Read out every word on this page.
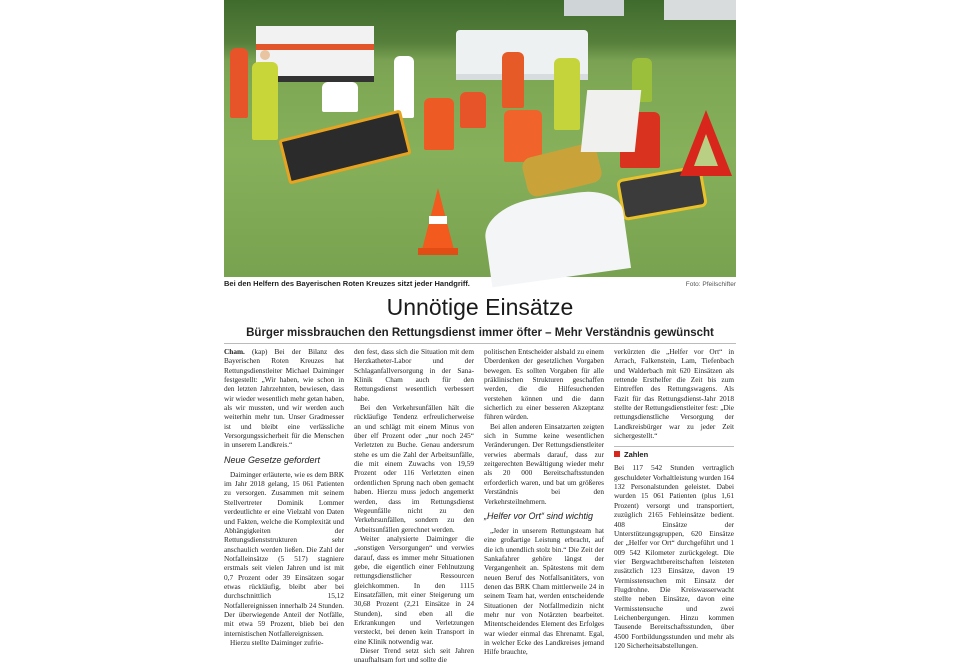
Bei den Helfern des Bayerischen Roten Kreuzes sitzt jeder Handgriff.	Foto: Pfeilschifter
Unnötige Einsätze
Bürger missbrauchen den Rettungsdienst immer öfter – Mehr Verständnis gewünscht

Cham. (kap) Bei der Bilanz des Bayerischen Roten Kreuzes hat Rettungsdienstleiter Michael Daiminger festgestellt: „Wir haben, wie schon in den letzten Jahrzehnten, bewiesen, dass wir wieder wesentlich mehr getan haben, als wir mussten, und wir werden auch weiterhin mehr tun. Unser Gradmesser ist und bleibt eine verlässliche Versorgungssicherheit für die Menschen in unserem Landkreis.“

Neue Gesetze gefordert

Daiminger erläuterte, wie es dem BRK im Jahr 2018 gelang, 15 061 Patienten zu versorgen. Zusammen mit seinem Stellvertreter Dominik Lommer verdeutlichte er eine Vielzahl von Daten und Fakten, welche die Komplexität und Abhängigkeiten der Rettungsdienststrukturen sehr anschaulich werden ließen. Die Zahl der Notfalleinsätze (5 517) stagniere erstmals seit vielen Jahren und ist mit 0,7 Prozent oder 39 Einsätzen sogar etwas rückläufig, bleibt aber bei durchschnittlich 15,12 Notfallereignissen innerhalb 24 Stunden. Der überwiegende Anteil der Notfälle, mit etwa 59 Prozent, blieb bei den internistischen Notfallereignissen.

Hierzu stellte Daiminger zufrie-

den fest, dass sich die Situation mit dem Herzkatheter-Labor und der Schlaganfallversorgung in der Sana-Klinik Cham auch für den Rettungsdienst wesentlich verbessert habe.

Bei den Verkehrsunfällen hält die rückläufige Tendenz erfreulicherweise an und schlägt mit einem Minus von über elf Prozent oder „nur noch 245“ Verletzten zu Buche. Genau andersrum stehe es um die Zahl der Arbeitsunfälle, die mit einem Zuwachs von 19,59 Prozent oder 116 Verletzten einen ordentlichen Sprung nach oben gemacht haben. Hierzu muss jedoch angemerkt werden, dass im Rettungsdienst Wegeunfälle nicht zu den Verkehrsunfällen, sondern zu den Arbeitsunfällen gerechnet werden.

Weiter analysierte Daiminger die „sonstigen Versorgungen“ und verwies darauf, dass es immer mehr Situationen gebe, die eigentlich einer Fehlnutzung rettungsdienstlicher Ressourcen gleichkommen. In den 1115 Einsatzfällen, mit einer Steigerung um 30,68 Prozent (2,21 Einsätze in 24 Stunden), sind eben all die Erkrankungen und Verletzungen versteckt, bei denen kein Transport in eine Klinik notwendig war.

Dieser Trend setzt sich seit Jahren unaufhaltsam fort und sollte die

politischen Entscheider alsbald zu einem Überdenken der gesetzlichen Vorgaben bewegen. Es sollten Vorgaben für alle präklinischen Strukturen geschaffen werden, die die Hilfesuchenden verstehen können und die dann sicherlich zu einer besseren Akzeptanz führen würden.

Bei allen anderen Einsatzarten zeigten sich in Summe keine wesentlichen Veränderungen. Der Rettungsdienstleiter verwies abermals darauf, dass zur zeitgerechten Bewältigung wieder mehr als 20 000 Bereitschaftsstunden erforderlich waren, und bat um größeres Verständnis bei den Verkehrsteilnehmern.

„Helfer vor Ort“ sind wichtig

„Jeder in unserem Rettungsteam hat eine großartige Leistung erbracht, auf die ich unendlich stolz bin.“ Die Zeit der Sankafahrer gehöre längst der Vergangenheit an. Spätestens mit dem neuen Beruf des Notfallsanitäters, von denen das BRK Cham mittlerweile 24 in seinem Team hat, werden entscheidende Situationen der Notfallmedizin nicht mehr nur von Notärzten bearbeitet. Mitentscheidendes Element des Erfolges war wieder einmal das Ehrenamt. Egal, in welcher Ecke des Landkreises jemand Hilfe brauchte,

verkürzten die „Helfer vor Ort“ in Arrach, Falkenstein, Lam, Tiefenbach und Walderbach mit 620 Einsätzen als rettende Ersthelfer die Zeit bis zum Eintreffen des Rettungswagens. Als Fazit für das Rettungsdienst-Jahr 2018 stellte der Rettungsdienstleiter fest: „Die rettungsdienstliche Versorgung der Landkreisbürger war zu jeder Zeit sichergestellt.“

Zahlen

Bei 117 542 Stunden vertraglich geschuldeter Vorhaltleistung wurden 164 132 Personalstunden geleistet. Dabei wurden 15 061 Patienten (plus 1,61 Prozent) versorgt und transportiert, zuzüglich 2165 Fehleinsätze bedient. 408 Einsätze der Unterstützungsgruppen, 620 Einsätze der „Helfer vor Ort“ durchgeführt und 1 009 542 Kilometer zurückgelegt. Die vier Bergwachtbereitschaften leisteten zusätzlich 123 Einsätze, davon 19 Vermisstensuchen mit Einsatz der Flugdrohne. Die Kreiswasserwacht stellte neben Einsätze, davon eine Vermisstensuche und zwei Leichenbergungen. Hinzu kommen Tausende Bereitschaftsstunden, über 4500 Fortbildungsstunden und mehr als 120 Sicherheitsabstellungen.
